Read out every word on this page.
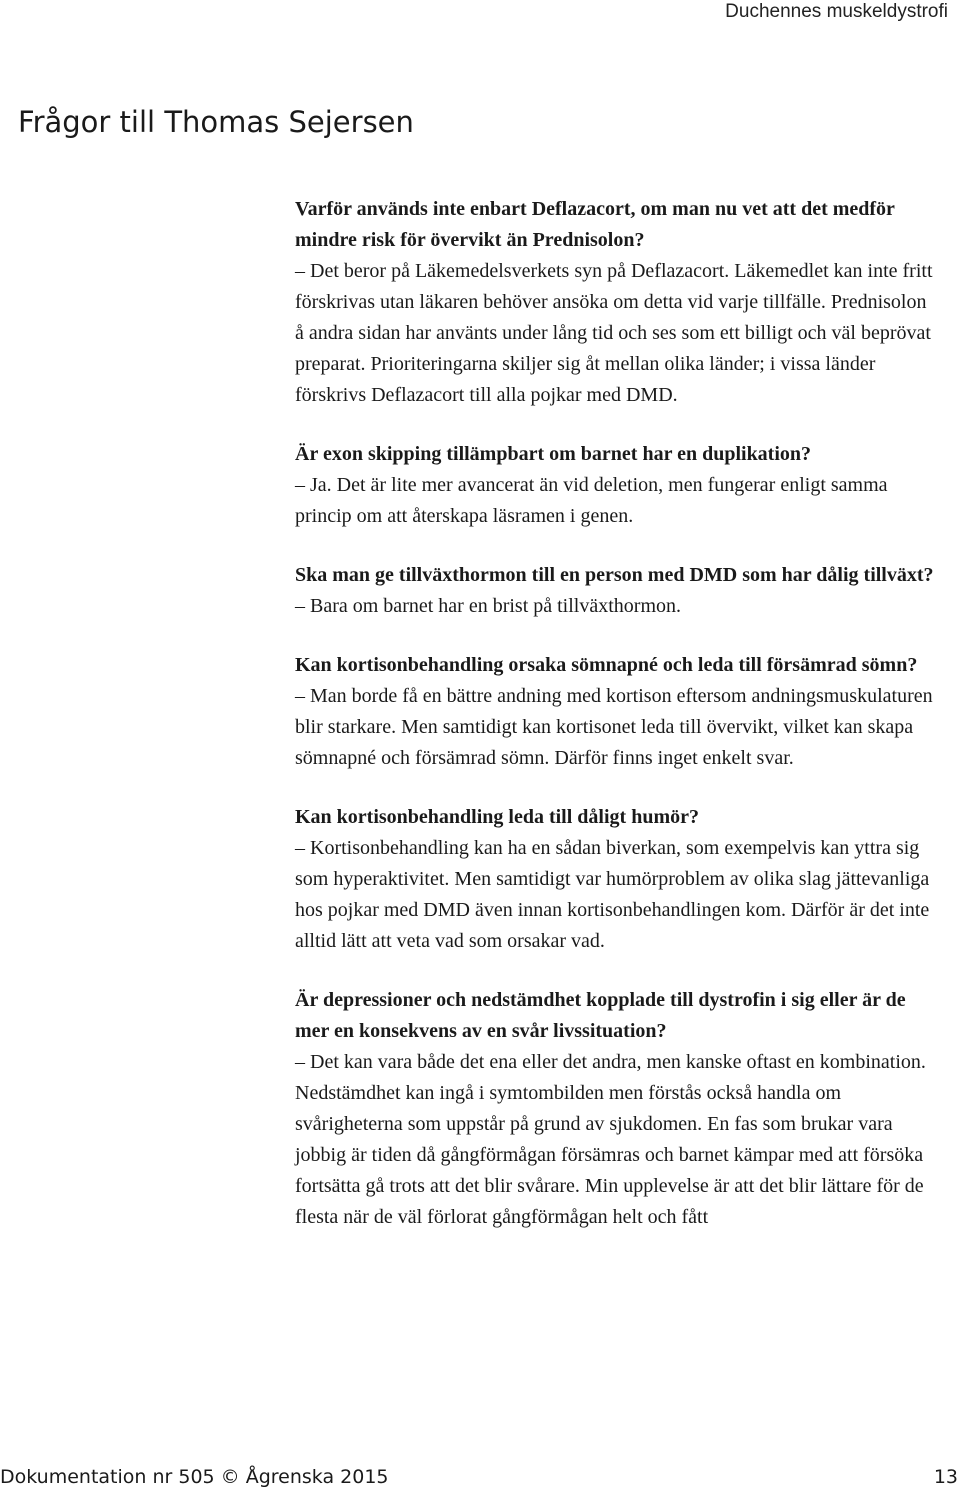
Duchennes muskeldystrofi
Frågor till Thomas Sejersen
Varför används inte enbart Deflazacort, om man nu vet att det medför mindre risk för övervikt än Prednisolon?
– Det beror på Läkemedelsverkets syn på Deflazacort. Läkemedlet kan inte fritt förskrivas utan läkaren behöver ansöka om detta vid varje tillfälle. Prednisolon å andra sidan har använts under lång tid och ses som ett billigt och väl beprövat preparat. Prioriteringarna skiljer sig åt mellan olika länder; i vissa länder förskrivs Deflazacort till alla pojkar med DMD.
Är exon skipping tillämpbart om barnet har en duplikation?
– Ja. Det är lite mer avancerat än vid deletion, men fungerar enligt samma princip om att återskapa läsramen i genen.
Ska man ge tillväxthormon till en person med DMD som har dålig tillväxt?
– Bara om barnet har en brist på tillväxthormon.
Kan kortisonbehandling orsaka sömnapné och leda till försämrad sömn?
– Man borde få en bättre andning med kortison eftersom andningsmuskulaturen blir starkare. Men samtidigt kan kortisonet leda till övervikt, vilket kan skapa sömnapné och försämrad sömn. Därför finns inget enkelt svar.
Kan kortisonbehandling leda till dåligt humör?
– Kortisonbehandling kan ha en sådan biverkan, som exempelvis kan yttra sig som hyperaktivitet. Men samtidigt var humörproblem av olika slag jättevanliga hos pojkar med DMD även innan kortisonbehandlingen kom. Därför är det inte alltid lätt att veta vad som orsakar vad.
Är depressioner och nedstämdhet kopplade till dystrofin i sig eller är de mer en konsekvens av en svår livssituation?
– Det kan vara både det ena eller det andra, men kanske oftast en kombination. Nedstämdhet kan ingå i symtombilden men förstås också handla om svårigheterna som uppstår på grund av sjukdomen. En fas som brukar vara jobbig är tiden då gångförmågan försämras och barnet kämpar med att försöka fortsätta gå trots att det blir svårare. Min upplevelse är att det blir lättare för de flesta när de väl förlorat gångförmågan helt och fått
Dokumentation nr 505 © Ågrenska 2015	13
